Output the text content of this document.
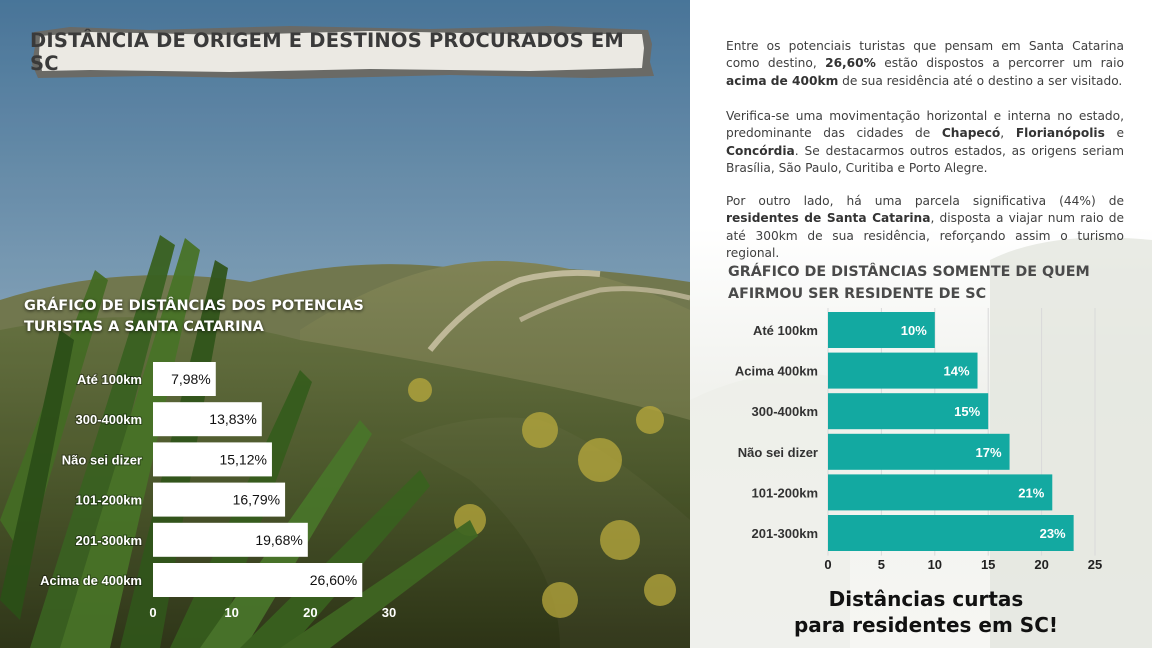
DISTÂNCIA DE ORIGEM E DESTINOS PROCURADOS EM SC
GRÁFICO DE DISTÂNCIAS DOS POTENCIAS TURISTAS A SANTA CATARINA
Até 100km 7,98%
300-400km	13,83%
Não sei dizer	15,12%
101-200km	16,79%
201-300km	19,68%
Acima de 400km	26,60%
0	10	20	30
Entre os potenciais turistas que pensam em Santa Catarina como destino, 26,60% estão dispostos a percorrer um raio acima de 400km de sua residência até o destino a ser visitado.
Verifica-se uma movimentação horizontal e interna no estado, predominante das cidades de Chapecó, Florianópolis e Concórdia. Se destacarmos outros estados, as origens seriam Brasília, São Paulo, Curitiba e Porto Alegre.
Por outro lado, há uma parcela significativa (44%) de residentes de Santa Catarina, disposta a viajar num raio de até 300km de sua residência, reforçando assim o turismo regional.
GRÁFICO DE DISTÂNCIAS SOMENTE DE QUEM AFIRMOU SER RESIDENTE DE SC
Até 100km	10%
Acima 400km	14%
300-400km	15%
Não sei dizer	17%
101-200km	21%
201-300km	23%
0	5	10	15	20	25
Distâncias curtas
para residentes em SC!
